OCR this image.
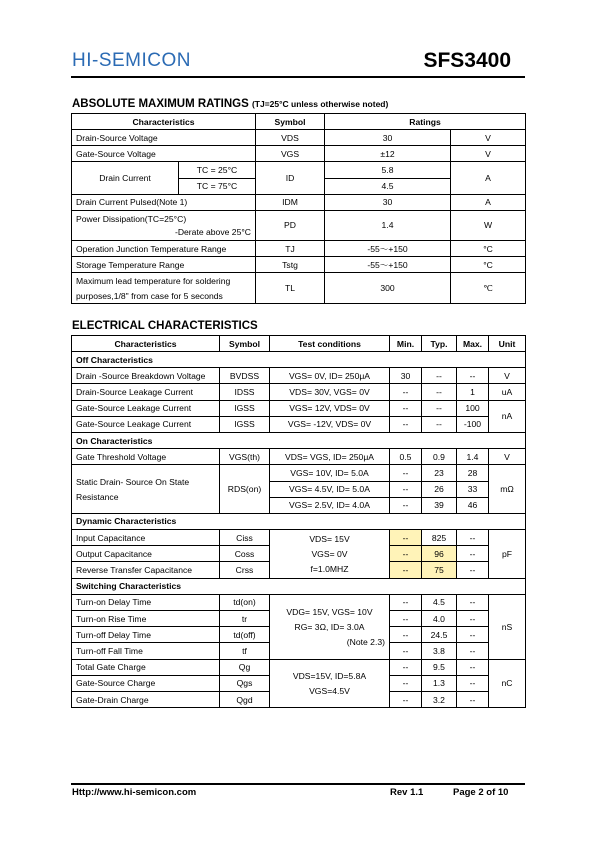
HI-SEMICON	SFS3400
ABSOLUTE MAXIMUM RATINGS (TJ=25°C unless otherwise noted)
Characteristics		Symbol	Ratings	
Drain-Source Voltage		VDS	30	V
Gate-Source Voltage		VGS	±12	V
Drain Current	TC = 25°C	ID	5.8	A
	TC = 75°C		4.5	
Drain Current Pulsed(Note 1)		IDM	30	A

Power Dissipation(TC=25°C)
-Derate above 25°C		PD	1.4	W
Operation Junction Temperature Range		TJ	-55～+150	°C
Storage Temperature Range		Tstg	-55～+150	°C

Maximum lead temperature for soldering
purposes,1/8" from case for 5 seconds		TL	300	℃
ELECTRICAL CHARACTERISTICS
Characteristics	Symbol	Test conditions	Min.	Typ.	Max.	Unit
Off Characteristics						
Drain -Source Breakdown Voltage	BVDSS	VGS= 0V, ID= 250μA	30	--	--	V
Drain-Source Leakage Current	IDSS	VDS= 30V, VGS= 0V	--	--	1	uA
Gate-Source Leakage Current	IGSS	VGS= 12V, VDS= 0V	--	--	100	nA
Gate-Source Leakage Current	IGSS	VGS= -12V, VDS= 0V	--	--	-100	
On Characteristics						
Gate Threshold Voltage	VGS(th)	VDS= VGS, ID= 250μA	0.5	0.9	1.4	V

Static Drain- Source On State
Resistance	RDS(on)	VGS= 10V, ID= 5.0A	--	23	28	mΩ
		VGS= 4.5V, ID= 5.0A	--	26	33	
		VGS= 2.5V, ID= 4.0A	--	39	46	
Dynamic Characteristics						
Input Capacitance	Ciss	VDS= 15V
VGS= 0V
f=1.0MHZ	--	825	--	pF
Output Capacitance	Coss		--	96	--	
Reverse Transfer Capacitance	Crss		--	75	--	
Switching Characteristics						
Turn-on Delay Time	td(on)	VDG= 15V, VGS= 10V
RG= 3Ω, ID= 3.0A
(Note 2.3)	--	4.5	--	nS
Turn-on Rise Time	tr		--	4.0	--	
Turn-off Delay Time	td(off)		--	24.5	--	
Turn-off Fall Time	tf		--	3.8	--	
Total Gate Charge	Qg	VDS=15V, ID=5.8A
VGS=4.5V	--	9.5	--	nC
Gate-Source Charge	Qgs		--	1.3	--	
Gate-Drain Charge	Qgd		--	3.2	--	
Http://www.hi-semicon.com	Rev 1.1	Page 2 of 10
